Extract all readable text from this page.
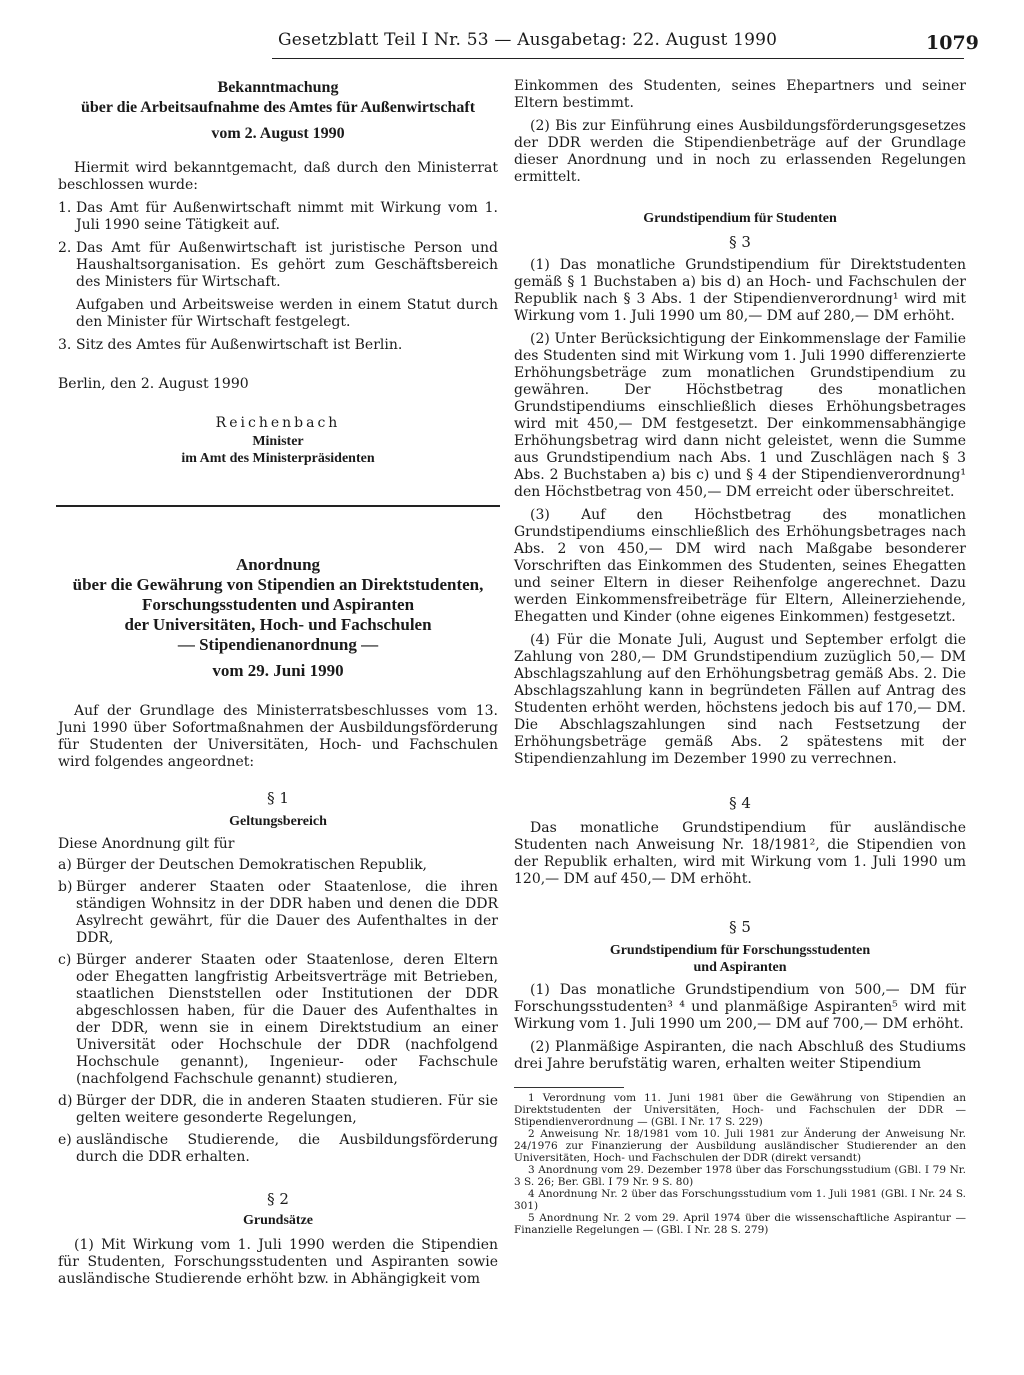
Gesetzblatt Teil I Nr. 53 — Ausgabetag: 22. August 1990	1079
Bekanntmachung
über die Arbeitsaufnahme des Amtes für Außenwirtschaft
vom 2. August 1990

Hiermit wird bekanntgemacht, daß durch den Ministerrat beschlossen wurde:

1. Das Amt für Außenwirtschaft nimmt mit Wirkung vom 1. Juli 1990 seine Tätigkeit auf.
2. Das Amt für Außenwirtschaft ist juristische Person und Haushaltsorganisation. Es gehört zum Geschäftsbereich des Ministers für Wirtschaft.
Aufgaben und Arbeitsweise werden in einem Statut durch den Minister für Wirtschaft festgelegt.
3. Sitz des Amtes für Außenwirtschaft ist Berlin.

Berlin, den 2. August 1990

Reichenbach
Minister
im Amt des Ministerpräsidenten
Anordnung
über die Gewährung von Stipendien an Direktstudenten,
Forschungsstudenten und Aspiranten
der Universitäten, Hoch- und Fachschulen
— Stipendienanordnung —
vom 29. Juni 1990

Auf der Grundlage des Ministerratsbeschlusses vom 13. Juni 1990 über Sofortmaßnahmen der Ausbildungsförderung für Studenten der Universitäten, Hoch- und Fachschulen wird folgendes angeordnet:

§ 1
Geltungsbereich

Diese Anordnung gilt für

a) Bürger der Deutschen Demokratischen Republik,
b) Bürger anderer Staaten oder Staatenlose, die ihren ständigen Wohnsitz in der DDR haben und denen die DDR Asylrecht gewährt, für die Dauer des Aufenthaltes in der DDR,
c) Bürger anderer Staaten oder Staatenlose, deren Eltern oder Ehegatten langfristig Arbeitsverträge mit Betrieben, staatlichen Dienststellen oder Institutionen der DDR abgeschlossen haben, für die Dauer des Aufenthaltes in der DDR, wenn sie in einem Direktstudium an einer Universität oder Hochschule der DDR (nachfolgend Hochschule genannt), Ingenieur- oder Fachschule (nachfolgend Fachschule genannt) studieren,
d) Bürger der DDR, die in anderen Staaten studieren. Für sie gelten weitere gesonderte Regelungen,
e) ausländische Studierende, die Ausbildungsförderung durch die DDR erhalten.
§ 2
Grundsätze

(1) Mit Wirkung vom 1. Juli 1990 werden die Stipendien für Studenten, Forschungsstudenten und Aspiranten sowie ausländische Studierende erhöht bzw. in Abhängigkeit vom

Einkommen des Studenten, seines Ehepartners und seiner Eltern bestimmt.

(2) Bis zur Einführung eines Ausbildungsförderungsgesetzes der DDR werden die Stipendienbeträge auf der Grundlage dieser Anordnung und in noch zu erlassenden Regelungen ermittelt.

Grundstipendium für Studenten
§ 3

(1) Das monatliche Grundstipendium für Direktstudenten gemäß § 1 Buchstaben a) bis d) an Hoch- und Fachschulen der Republik nach § 3 Abs. 1 der Stipendienverordnung¹ wird mit Wirkung vom 1. Juli 1990 um 80,— DM auf 280,— DM erhöht.

(2) Unter Berücksichtigung der Einkommenslage der Familie des Studenten sind mit Wirkung vom 1. Juli 1990 differenzierte Erhöhungsbeträge zum monatlichen Grundstipendium zu gewähren. Der Höchstbetrag des monatlichen Grundstipendiums einschließlich dieses Erhöhungsbetrages wird mit 450,— DM festgesetzt. Der einkommensabhängige Erhöhungsbetrag wird dann nicht geleistet, wenn die Summe aus Grundstipendium nach Abs. 1 und Zuschlägen nach § 3 Abs. 2 Buchstaben a) bis c) und § 4 der Stipendienverordnung¹ den Höchstbetrag von 450,— DM erreicht oder überschreitet.

(3) Auf den Höchstbetrag des monatlichen Grundstipendiums einschließlich des Erhöhungsbetrages nach Abs. 2 von 450,— DM wird nach Maßgabe besonderer Vorschriften das Einkommen des Studenten, seines Ehegatten und seiner Eltern in dieser Reihenfolge angerechnet. Dazu werden Einkommensfreibeträge für Eltern, Alleinerziehende, Ehegatten und Kinder (ohne eigenes Einkommen) festgesetzt.

(4) Für die Monate Juli, August und September erfolgt die Zahlung von 280,— DM Grundstipendium zuzüglich 50,— DM Abschlagszahlung auf den Erhöhungsbetrag gemäß Abs. 2. Die Abschlagszahlung kann in begründeten Fällen auf Antrag des Studenten erhöht werden, höchstens jedoch bis auf 170,— DM. Die Abschlagszahlungen sind nach Festsetzung der Erhöhungsbeträge gemäß Abs. 2 spätestens mit der Stipendienzahlung im Dezember 1990 zu verrechnen.

§ 4

Das monatliche Grundstipendium für ausländische Studenten nach Anweisung Nr. 18/1981², die Stipendien von der Republik erhalten, wird mit Wirkung vom 1. Juli 1990 um 120,— DM auf 450,— DM erhöht.

§ 5
Grundstipendium für Forschungsstudenten
und Aspiranten

(1) Das monatliche Grundstipendium von 500,— DM für Forschungsstudenten³ ⁴ und planmäßige Aspiranten⁵ wird mit Wirkung vom 1. Juli 1990 um 200,— DM auf 700,— DM erhöht.

(2) Planmäßige Aspiranten, die nach Abschluß des Studiums drei Jahre berufstätig waren, erhalten weiter Stipendium

1 Verordnung vom 11. Juni 1981 über die Gewährung von Stipendien an Direktstudenten der Universitäten, Hoch- und Fachschulen der DDR — Stipendienverordnung — (GBl. I Nr. 17 S. 229)
2 Anweisung Nr. 18/1981 vom 10. Juli 1981 zur Änderung der Anweisung Nr. 24/1976 zur Finanzierung der Ausbildung ausländischer Studierender an den Universitäten, Hoch- und Fachschulen der DDR (direkt versandt)
3 Anordnung vom 29. Dezember 1978 über das Forschungsstudium (GBl. I 79 Nr. 3 S. 26; Ber. GBl. I 79 Nr. 9 S. 80)
4 Anordnung Nr. 2 über das Forschungsstudium vom 1. Juli 1981 (GBl. I Nr. 24 S. 301)
5 Anordnung Nr. 2 vom 29. April 1974 über die wissenschaftliche Aspirantur — Finanzielle Regelungen — (GBl. I Nr. 28 S. 279)
